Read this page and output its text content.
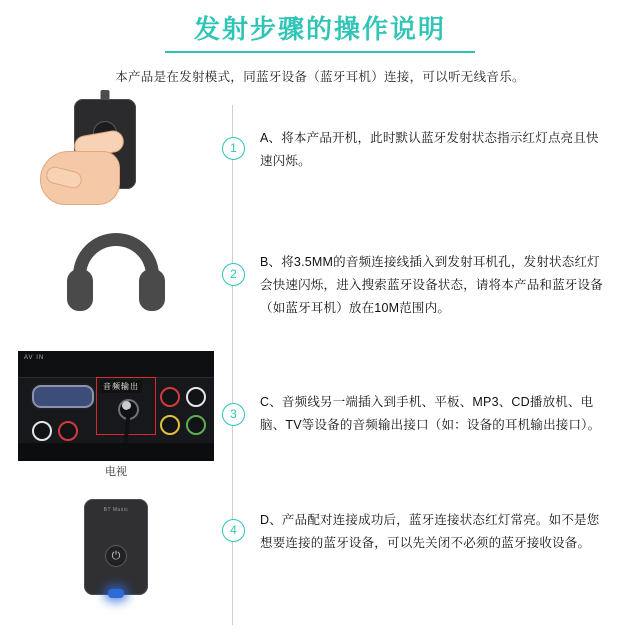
发射步骤的操作说明
本产品是在发射模式，同蓝牙设备（蓝牙耳机）连接，可以听无线音乐。
1
A、将本产品开机，此时默认蓝牙发射状态指示红灯点亮且快速闪烁。
2
B、将3.5MM的音频连接线插入到发射耳机孔，发射状态红灯会快速闪烁，进入搜索蓝牙设备状态，请将本产品和蓝牙设备（如蓝牙耳机）放在10M范围内。
AV IN
音频输出
电视
3
C、音频线另一端插入到手机、平板、MP3、CD播放机、电脑、TV等设备的音频输出接口（如：设备的耳机输出接口）。
BT Music
⏻
4
D、产品配对连接成功后，蓝牙连接状态红灯常亮。如不是您想要连接的蓝牙设备，可以先关闭不必须的蓝牙接收设备。
